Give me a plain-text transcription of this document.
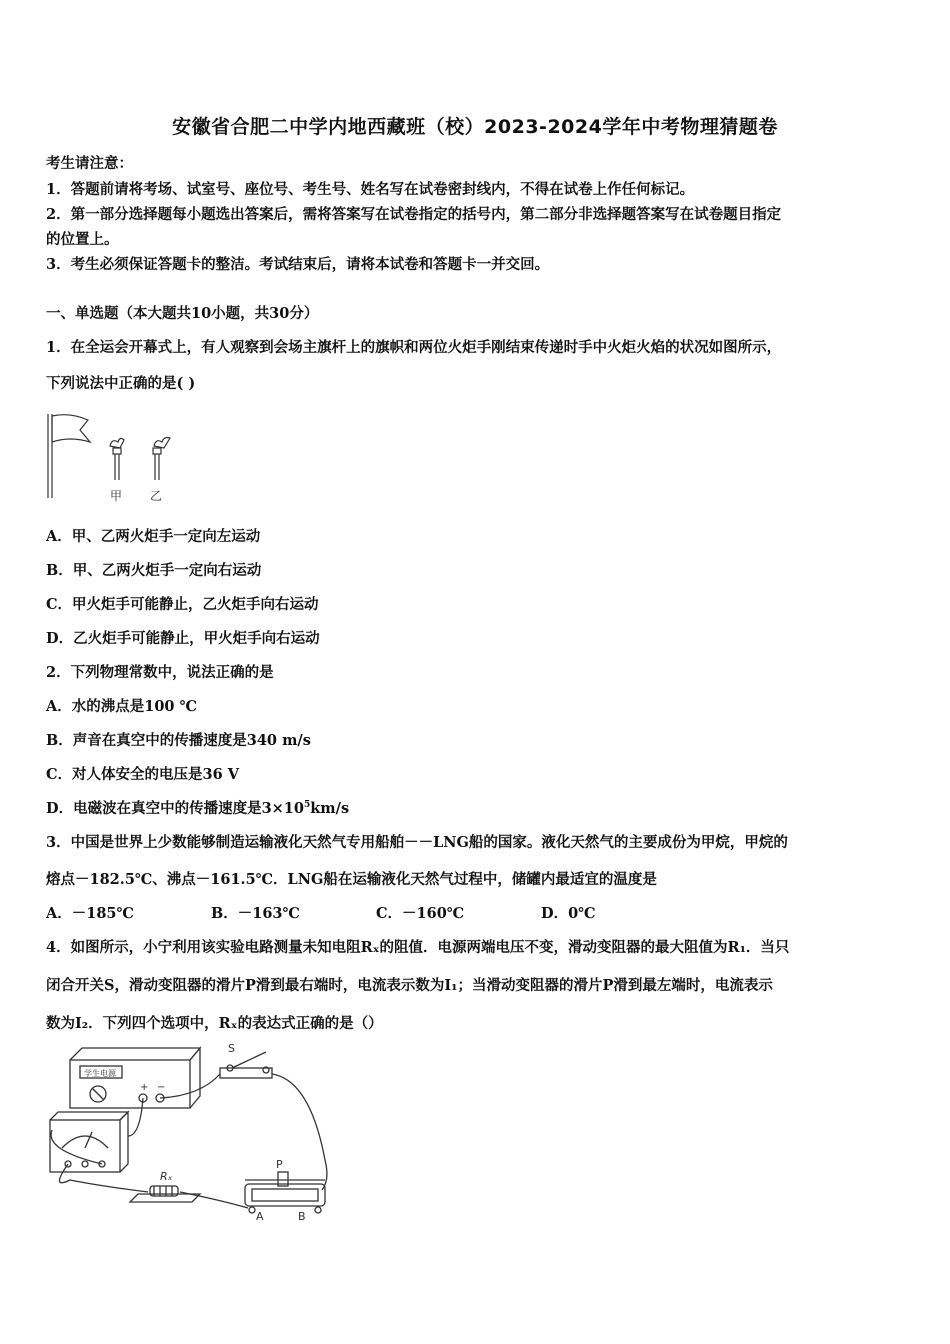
安徽省合肥二中学内地西藏班（校）2023-2024学年中考物理猜题卷
考生请注意：
1．答题前请将考场、试室号、座位号、考生号、姓名写在试卷密封线内，不得在试卷上作任何标记。
2．第一部分选择题每小题选出答案后，需将答案写在试卷指定的括号内，第二部分非选择题答案写在试卷题目指定
的位置上。
3．考生必须保证答题卡的整洁。考试结束后，请将本试卷和答题卡一并交回。
一、单选题（本大题共10小题，共30分）
1．在全运会开幕式上，有人观察到会场主旗杆上的旗帜和两位火炬手刚结束传递时手中火炬火焰的状况如图所示，
下列说法中正确的是( )
甲 乙
A．甲、乙两火炬手一定向左运动
B．甲、乙两火炬手一定向右运动
C．甲火炬手可能静止，乙火炬手向右运动
D．乙火炬手可能静止，甲火炬手向右运动
2．下列物理常数中，说法正确的是
A．水的沸点是100 ℃
B．声音在真空中的传播速度是340 m/s
C．对人体安全的电压是36 V
D．电磁波在真空中的传播速度是$3\times 10^5km/s$
3．中国是世界上少数能够制造运输液化天然气专用船舶－－LNG船的国家。液化天然气的主要成份为甲烷，甲烷的
熔点－182.5℃、沸点－161.5℃．LNG船在运输液化天然气过程中，储罐内最适宜的温度是
A．－185℃	B．－163℃	C．－160℃	D．0℃
4．如图所示，小宁利用该实验电路测量未知电阻Rₓ的阻值．电源两端电压不变，滑动变阻器的最大阻值为R₁．当只
闭合开关S，滑动变阻器的滑片P滑到最右端时，电流表示数为I₁；当滑动变阻器的滑片P滑到最左端时，电流表示
数为I₂．下列四个选项中，Rₓ的表达式正确的是（）
S
Rₓ
P
A	B
+ −
学生电源
